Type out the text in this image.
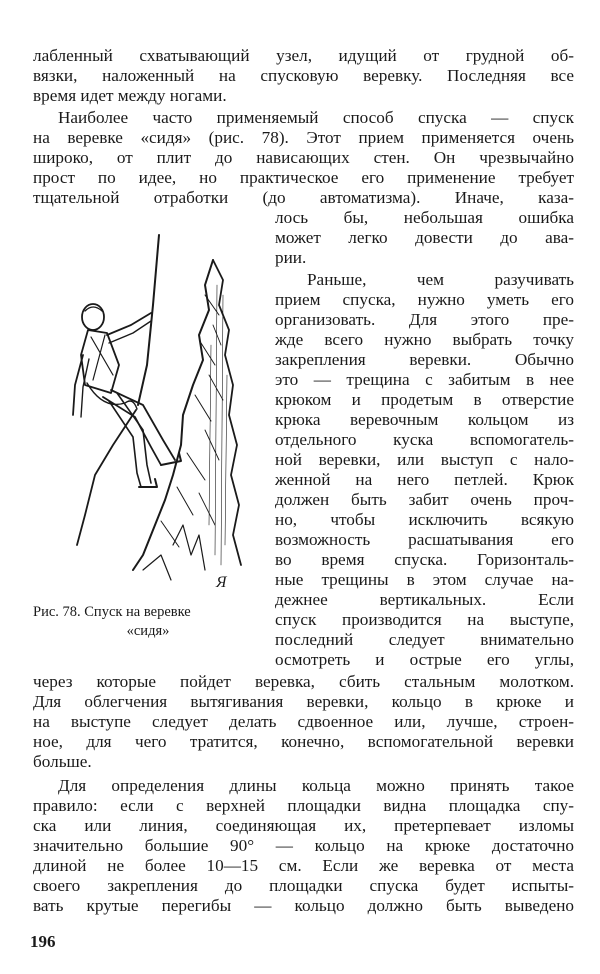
лабленный схватывающий узел, идущий от грудной об-
вязки, наложенный на спусковую веревку. Последняя все
время идет между ногами.
Наиболее часто применяемый способ спуска — спуск
на веревке «сидя» (рис. 78). Этот прием применяется очень
широко, от плит до нависающих стен. Он чрезвычайно
прост по идее, но практическое его применение требует
тщательной отработки (до автоматизма). Иначе, каза-
лось бы, небольшая ошибка
может легко довести до ава-
рии.
Раньше, чем разучивать
прием спуска, нужно уметь его
организовать. Для этого пре-
жде всего нужно выбрать точку
закрепления веревки. Обычно
это — трещина с забитым в нее
крюком и продетым в отверстие
крюка веревочным кольцом из
отдельного куска вспомогатель-
ной веревки, или выступ с нало-
женной на него петлей. Крюк
должен быть забит очень проч-
но, чтобы исключить всякую
возможность расшатывания его
во время спуска. Горизонталь-
ные трещины в этом случае на-
дежнее вертикальных. Если
спуск производится на выступе,
последний следует внимательно
осмотреть и острые его углы,
через которые пойдет веревка, сбить стальным молотком.
Для облегчения вытягивания веревки, кольцо в крюке и
на выступе следует делать сдвоенное или, лучше, строен-
ное, для чего тратится, конечно, вспомогательной веревки
больше.
Для определения длины кольца можно принять такое
правило: если с верхней площадки видна площадка спу-
ска или линия, соединяющая их, претерпевает изломы
значительно большие 90° — кольцо на крюке достаточно
длиной не более 10—15 см. Если же веревка от места
своего закрепления до площадки спуска будет испыты-
вать крутые перегибы — кольцо должно быть выведено
Я
Рис. 78. Спуск на веревке
«сидя»
196
